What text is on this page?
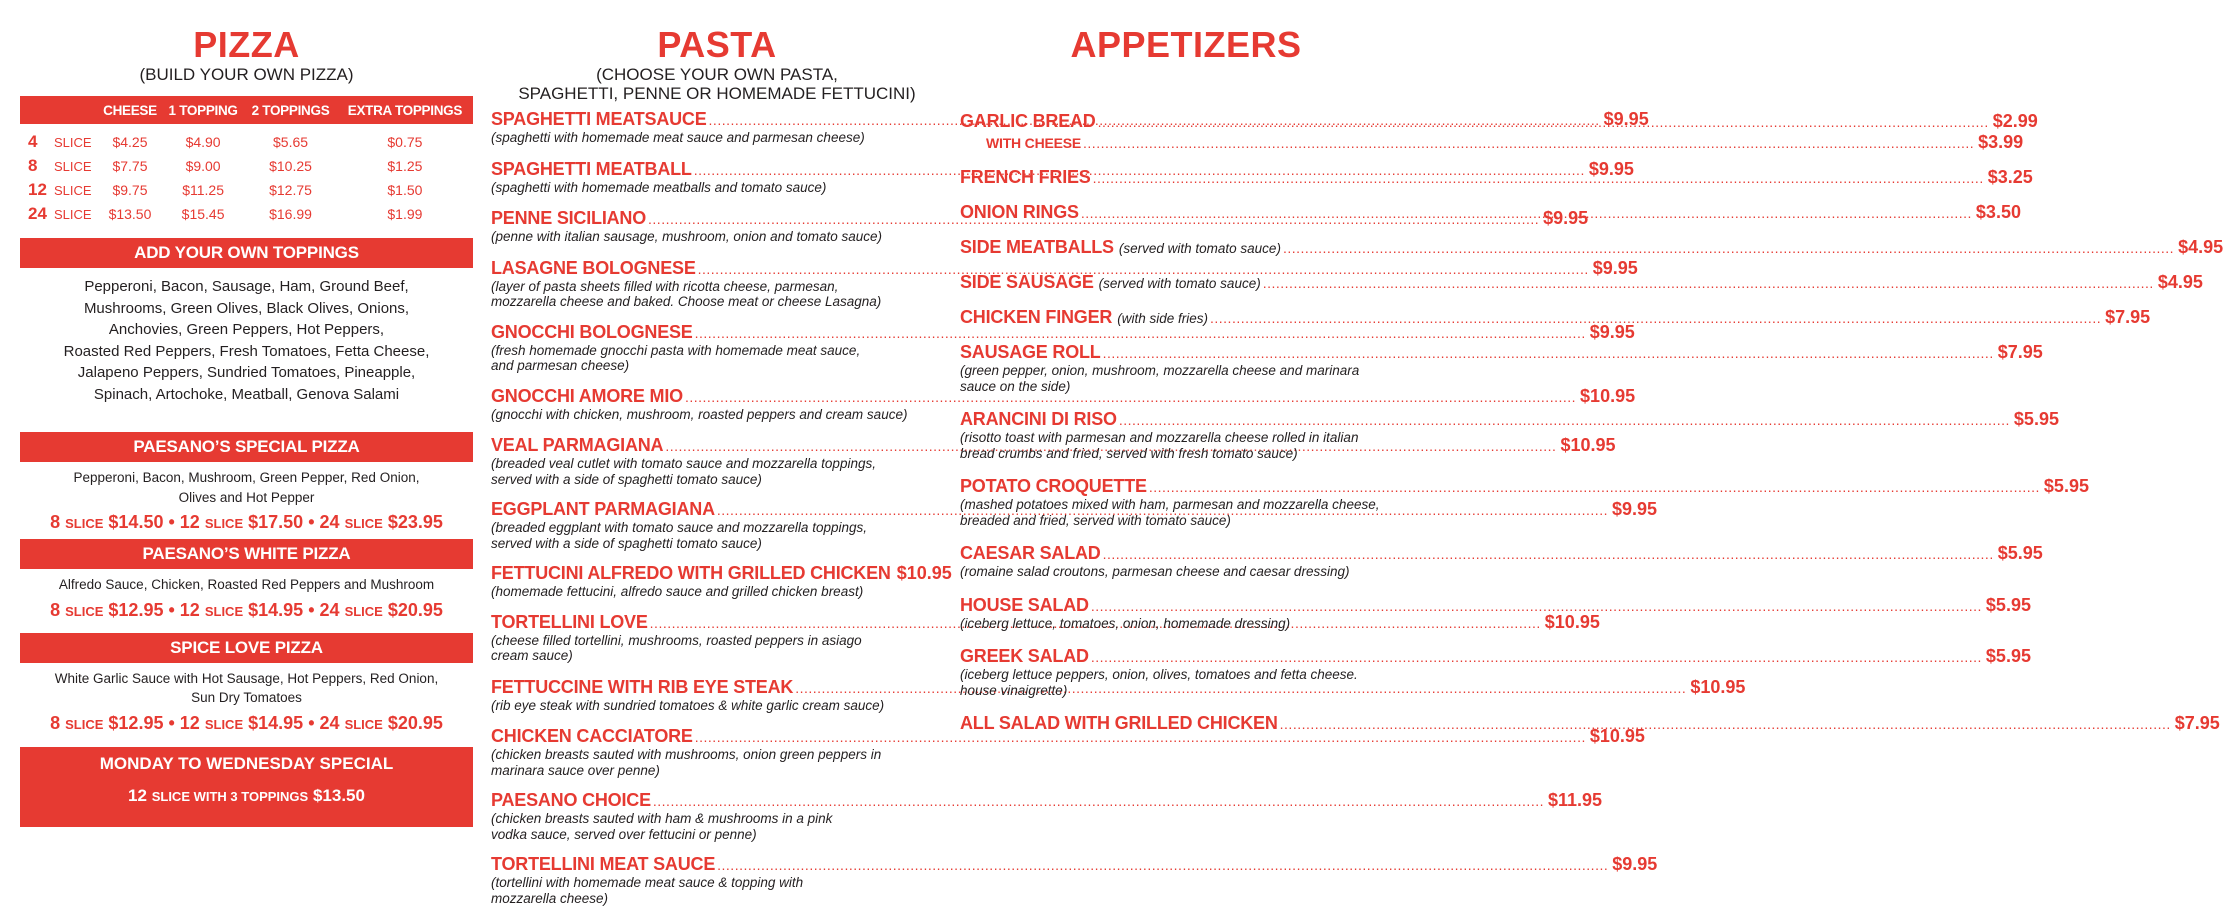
PIZZA
(BUILD YOUR OWN PIZZA)
	CHEESE	1 TOPPING	2 TOPPINGS	EXTRA TOPPINGS
4 SLICE	$4.25	$4.90	$5.65	$0.75
8 SLICE	$7.75	$9.00	$10.25	$1.25
12 SLICE	$9.75	$11.25	$12.75	$1.50
24 SLICE	$13.50	$15.45	$16.99	$1.99
ADD YOUR OWN TOPPINGS
Pepperoni, Bacon, Sausage, Ham, Ground Beef,
Mushrooms, Green Olives, Black Olives, Onions,
Anchovies, Green Peppers, Hot Peppers,
Roasted Red Peppers, Fresh Tomatoes, Fetta Cheese,
Jalapeno Peppers, Sundried Tomatoes, Pineapple,
Spinach, Artochoke, Meatball, Genova Salami
PAESANO’S SPECIAL PIZZA
Pepperoni, Bacon, Mushroom, Green Pepper, Red Onion,
Olives and Hot Pepper
8 SLICE $14.50 • 12 SLICE $17.50 • 24 SLICE $23.95
PAESANO’S WHITE PIZZA
Alfredo Sauce, Chicken, Roasted Red Peppers and Mushroom
8 SLICE $12.95 • 12 SLICE $14.95 • 24 SLICE $20.95
SPICE LOVE PIZZA
White Garlic Sauce with Hot Sausage, Hot Peppers, Red Onion,
Sun Dry Tomatoes
8 SLICE $12.95 • 12 SLICE $14.95 • 24 SLICE $20.95
MONDAY TO WEDNESDAY SPECIAL
12 SLICE WITH 3 TOPPINGS $13.50
PASTA
(CHOOSE YOUR OWN PASTA,
SPAGHETTI, PENNE OR HOMEMADE FETTUCINI)
SPAGHETTI MEATSAUCE .....	$9.95
(spaghetti with homemade meat sauce and parmesan cheese)
SPAGHETTI MEATBALL .....	$9.95
(spaghetti with homemade meatballs and tomato sauce)
PENNE SICILIANO .....	$9.95
(penne with italian sausage, mushroom, onion and tomato sauce)
LASAGNE BOLOGNESE .....	$9.95
(layer of pasta sheets filled with ricotta cheese, parmesan,
mozzarella cheese and baked. Choose meat or cheese Lasagna)
GNOCCHI BOLOGNESE .....	$9.95
(fresh homemade gnocchi pasta with homemade meat sauce,
and parmesan cheese)
GNOCCHI AMORE MIO .....	$10.95
(gnocchi with chicken, mushroom, roasted peppers and cream sauce)
VEAL PARMAGIANA .....	$10.95
(breaded veal cutlet with tomato sauce and mozzarella toppings,
served with a side of spaghetti tomato sauce)
EGGPLANT PARMAGIANA .....	$9.95
(breaded eggplant with tomato sauce and mozzarella toppings,
served with a side of spaghetti tomato sauce)
FETTUCINI ALFREDO WITH GRILLED CHICKEN $10.95
(homemade fettucini, alfredo sauce and grilled chicken breast)
TORTELLINI LOVE .....	$10.95
(cheese filled tortellini, mushrooms, roasted peppers in asiago
cream sauce)
FETTUCCINE WITH RIB EYE STEAK .....	$10.95
(rib eye steak with sundried tomatoes & white garlic cream sauce)
CHICKEN CACCIATORE .....	$10.95
(chicken breasts sauted with mushrooms, onion green peppers in
marinara sauce over penne)
PAESANO CHOICE .....	$11.95
(chicken breasts sauted with ham & mushrooms in a pink
vodka sauce, served over fettucini or penne)
TORTELLINI MEAT SAUCE .....	$9.95
(tortellini with homemade meat sauce & topping with
mozzarella cheese)
APPETIZERS
GARLIC BREAD .....	$2.99
WITH CHEESE .....	$3.99
FRENCH FRIES .....	$3.25
ONION RINGS .....	$3.50
SIDE MEATBALLS (served with tomato sauce) .....	$4.95
SIDE SAUSAGE (served with tomato sauce) .....	$4.95
CHICKEN FINGER (with side fries) .....	$7.95
SAUSAGE ROLL .....	$7.95
(green pepper, onion, mushroom, mozzarella cheese and marinara
sauce on the side)
ARANCINI DI RISO .....	$5.95
(risotto toast with parmesan and mozzarella cheese rolled in italian
bread crumbs and fried, served with fresh tomato sauce)
POTATO CROQUETTE .....	$5.95
(mashed potatoes mixed with ham, parmesan and mozzarella cheese,
breaded and fried, served with tomato sauce)
CAESAR SALAD .....	$5.95
(romaine salad croutons, parmesan cheese and caesar dressing)
HOUSE SALAD .....	$5.95
(iceberg lettuce, tomatoes, onion, homemade dressing)
GREEK SALAD .....	$5.95
(iceberg lettuce peppers, onion, olives, tomatoes and fetta cheese.
house vinaigrette)
ALL SALAD WITH GRILLED CHICKEN .....	$7.95
